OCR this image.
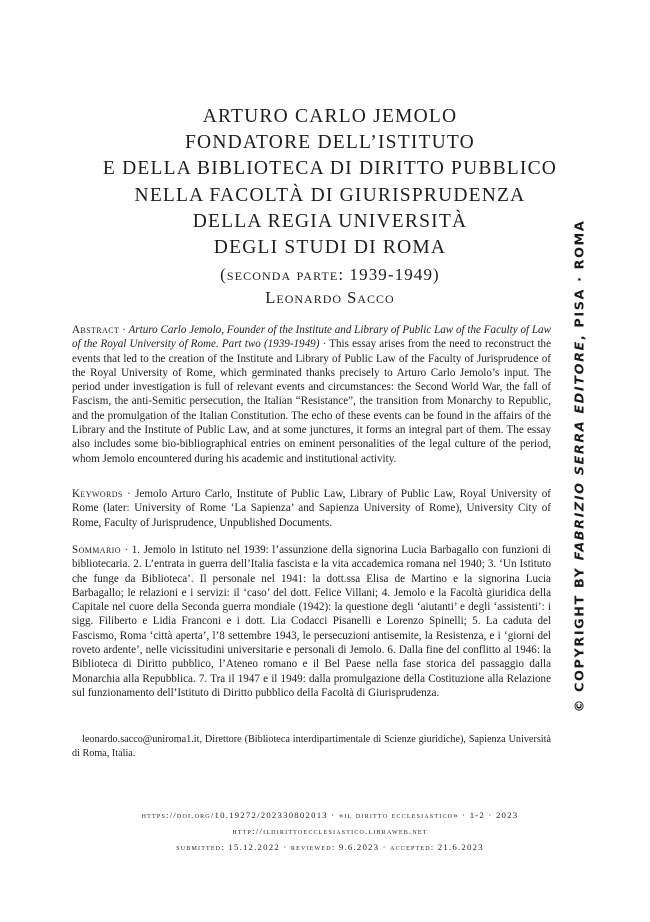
ARTURO CARLO JEMOLO
FONDATORE DELL’ISTITUTO
E DELLA BIBLIOTECA DI DIRITTO PUBBLICO
NELLA FACOLTÀ DI GIURISPRUDENZA
DELLA REGIA UNIVERSITÀ
DEGLI STUDI DI ROMA
(seconda parte: 1939-1949)
Leonardo Sacco
Abstract · Arturo Carlo Jemolo, Founder of the Institute and Library of Public Law of the Faculty of Law of the Royal University of Rome. Part two (1939-1949) · This essay arises from the need to reconstruct the events that led to the creation of the Institute and Library of Public Law of the Faculty of Jurisprudence of the Royal University of Rome, which germinated thanks precisely to Arturo Carlo Jemolo’s input. The period under investigation is full of relevant events and circumstances: the Second World War, the fall of Fascism, the anti-Semitic persecution, the Italian “Resistance”, the transition from Monarchy to Republic, and the promulgation of the Italian Constitution. The echo of these events can be found in the affairs of the Library and the Institute of Public Law, and at some junctures, it forms an integral part of them. The essay also includes some bio-bibliographical entries on eminent personalities of the legal culture of the period, whom Jemolo encountered during his academic and institutional activity.
Keywords · Jemolo Arturo Carlo, Institute of Public Law, Library of Public Law, Royal University of Rome (later: University of Rome ‘La Sapienza’ and Sapienza University of Rome), University City of Rome, Faculty of Jurisprudence, Unpublished Documents.
Sommario · 1. Jemolo in Istituto nel 1939: l’assunzione della signorina Lucia Barbagallo con funzioni di bibliotecaria. 2. L’entrata in guerra dell’Italia fascista e la vita accademica romana nel 1940; 3. ‘Un Istituto che funge da Biblioteca’. Il personale nel 1941: la dott.ssa Elisa de Martino e la signorina Lucia Barbagallo; le relazioni e i servizi: il ‘caso’ del dott. Felice Villani; 4. Jemolo e la Facoltà giuridica della Capitale nel cuore della Seconda guerra mondiale (1942): la questione degli ‘aiutanti’ e degli ‘assistenti’: i sigg. Filiberto e Lidia Franconi e i dott. Lia Codacci Pisanelli e Lorenzo Spinelli; 5. La caduta del Fascismo, Roma ‘città aperta’, l’8 settembre 1943, le persecuzioni antisemite, la Resistenza, e i ‘giorni del roveto ardente’, nelle vicissitudini universitarie e personali di Jemolo. 6. Dalla fine del conflitto al 1946: la Biblioteca di Diritto pubblico, l’Ateneo romano e il Bel Paese nella fase storica del passaggio dalla Monarchia alla Repubblica. 7. Tra il 1947 e il 1949: dalla promulgazione della Costituzione alla Relazione sul funzionamento dell’Istituto di Diritto pubblico della Facoltà di Giurisprudenza.
leonardo.sacco@uniroma1.it, Direttore (Biblioteca interdipartimentale di Scienze giuridiche), Sapienza Università di Roma, Italia.
https://doi.org/10.19272/202330802013 · «il diritto ecclesiastico» · 1-2 · 2023
http://ildirittoecclesiastico.libraweb.net
submitted: 15.12.2022 · reviewed: 9.6.2023 · accepted: 21.6.2023
© COPYRIGHT BY FABRIZIO SERRA EDITORE, PISA · ROMA
